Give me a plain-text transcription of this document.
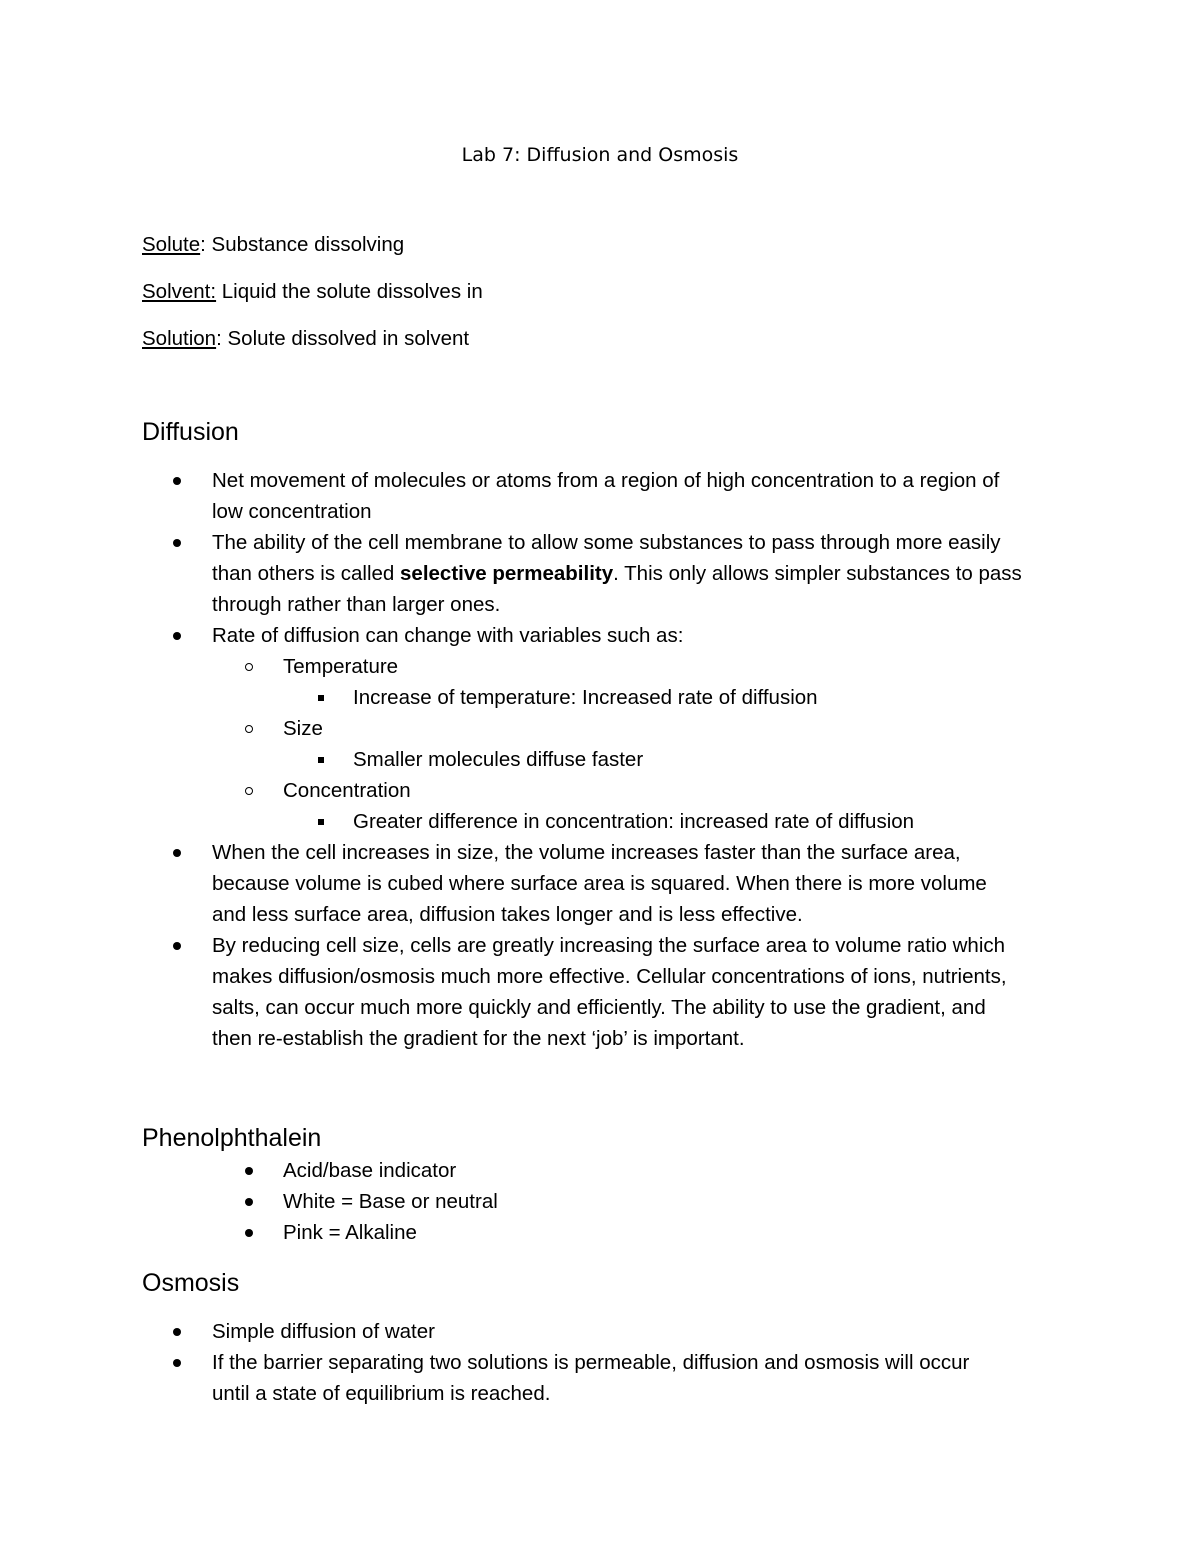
Lab 7: Diffusion and Osmosis
Solute: Substance dissolving
Solvent: Liquid the solute dissolves in
Solution: Solute dissolved in solvent
Diffusion
Net movement of molecules or atoms from a region of high concentration to a region of
low concentration
The ability of the cell membrane to allow some substances to pass through more easily
than others is called selective permeability. This only allows simpler substances to pass
through rather than larger ones.
Rate of diffusion can change with variables such as:
Temperature
Increase of temperature: Increased rate of diffusion
Size
Smaller molecules diffuse faster
Concentration
Greater difference in concentration: increased rate of diffusion
When the cell increases in size, the volume increases faster than the surface area,
because volume is cubed where surface area is squared. When there is more volume
and less surface area, diffusion takes longer and is less effective.
By reducing cell size, cells are greatly increasing the surface area to volume ratio which
makes diffusion/osmosis much more effective. Cellular concentrations of ions, nutrients,
salts, can occur much more quickly and efficiently. The ability to use the gradient, and
then re-establish the gradient for the next ‘job’ is important.
Phenolphthalein
Acid/base indicator
White = Base or neutral
Pink = Alkaline
Osmosis
Simple diffusion of water
If the barrier separating two solutions is permeable, diffusion and osmosis will occur
until a state of equilibrium is reached.
